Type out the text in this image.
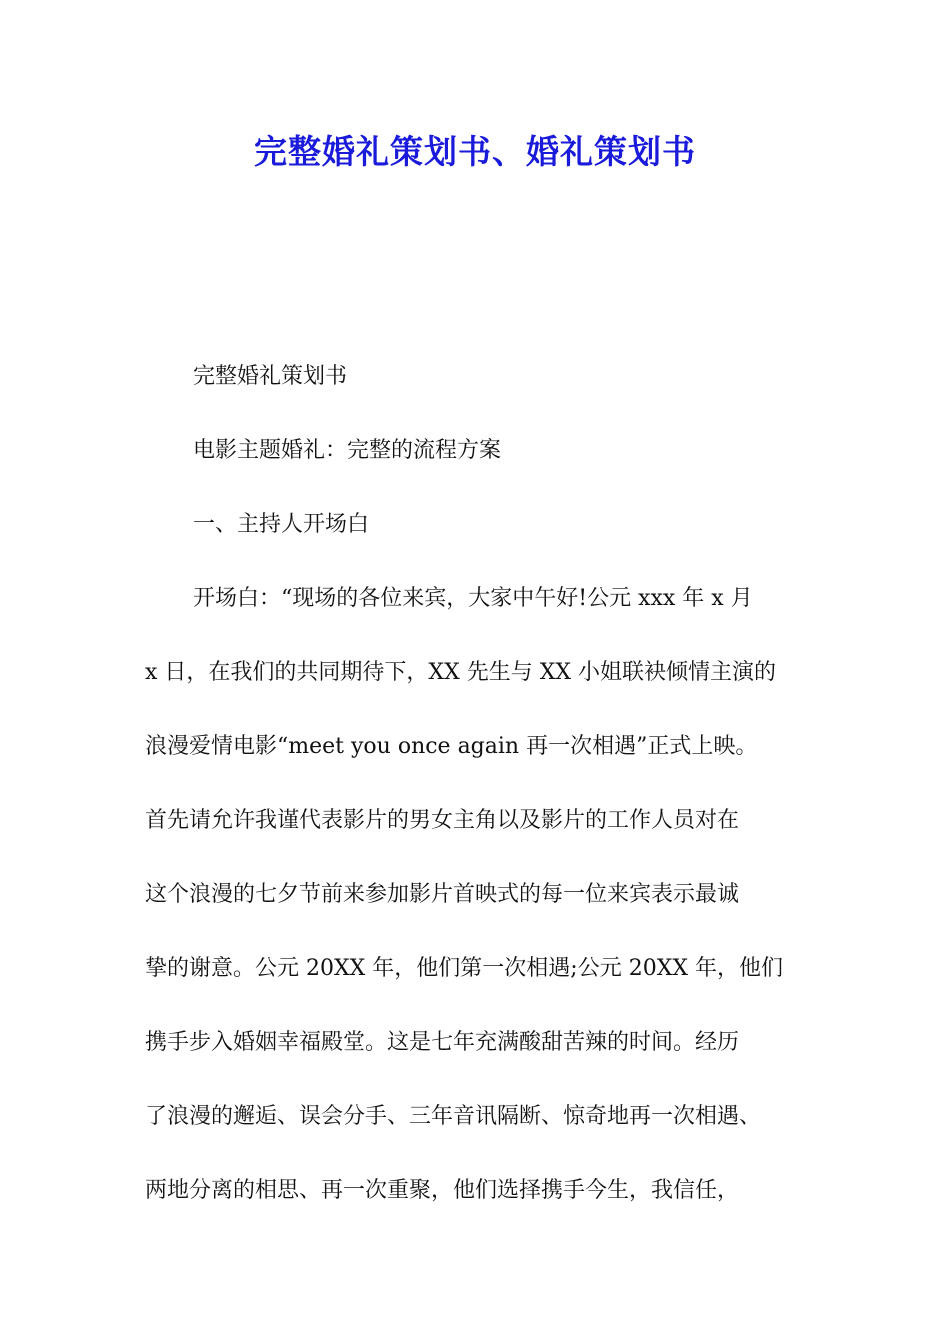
完整婚礼策划书、婚礼策划书
完整婚礼策划书
电影主题婚礼：完整的流程方案
一、主持人开场白
开场白：“现场的各位来宾，大家中午好!公元 xxx 年 x 月
x 日，在我们的共同期待下，XX 先生与 XX 小姐联袂倾情主演的
浪漫爱情电影“meet you once again 再一次相遇”正式上映。
首先请允许我谨代表影片的男女主角以及影片的工作人员对在
这个浪漫的七夕节前来参加影片首映式的每一位来宾表示最诚
挚的谢意。公元 20XX 年，他们第一次相遇;公元 20XX 年，他们
携手步入婚姻幸福殿堂。这是七年充满酸甜苦辣的时间。经历
了浪漫的邂逅、误会分手、三年音讯隔断、惊奇地再一次相遇、
两地分离的相思、再一次重聚，他们选择携手今生，我信任，
